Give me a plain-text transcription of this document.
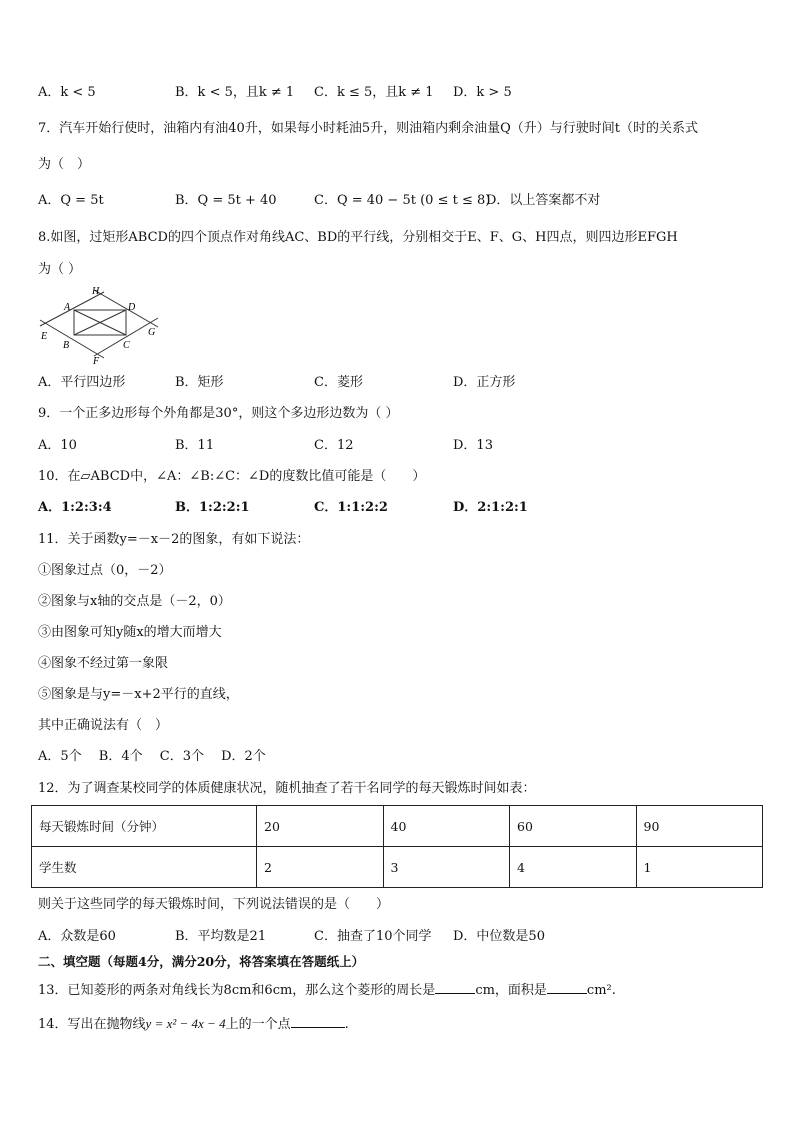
A．k < 5	B．k < 5，且k ≠ 1 C．k ≤ 5，且k ≠ 1 D．k > 5
7．汽车开始行使时，油箱内有油40升，如果每小时耗油5升，则油箱内剩余油量Q（升）与行驶时间t（时的关系式
为（　）
A．Q = 5t	B．Q = 5t + 40	C．Q = 40 − 5t (0 ≤ t ≤ 8)
D．以上答案都不对
8.如图，过矩形ABCD的四个顶点作对角线AC、BD的平行线，分别相交于E、F、G、H四点，则四边形EFGH
为（ ）
H
A	D
E
B	C
G
F
A．平行四边形	B．矩形	C．菱形	D．正方形
9．一个正多边形每个外角都是30°，则这个多边形边数为（ ）
A．10	B．11	C．12	D．13
10．在▱ABCD中，∠A：∠B:∠C：∠D的度数比值可能是（　　）
A．1:2:3:4	B．1:2:2:1	C．1:1:2:2	D．2:1:2:1
11．关于函数y=－x－2的图象，有如下说法：
①图象过点（0，－2）
②图象与x轴的交点是（－2，0）
③由图象可知y随x的增大而增大
④图象不经过第一象限
⑤图象是与y=－x+2平行的直线，
其中正确说法有（　）
A．5个　 B．4个　 C．3个　 D．2个
12．为了调查某校同学的体质健康状况，随机抽查了若干名同学的每天锻炼时间如表：
每天锻炼时间（分钟）	20	40	60	90
学生数	2	3	4	1
则关于这些同学的每天锻炼时间，下列说法错误的是（　　）
A．众数是60	B．平均数是21	C．抽查了10个同学 D．中位数是50
二、填空题（每题4分，满分20分，将答案填在答题纸上）
13．已知菱形的两条对角线长为8cm和6cm，那么这个菱形的周长是	cm，面积是	cm².
14．写出在抛物线y = x² − 4x − 4上的一个点	.
